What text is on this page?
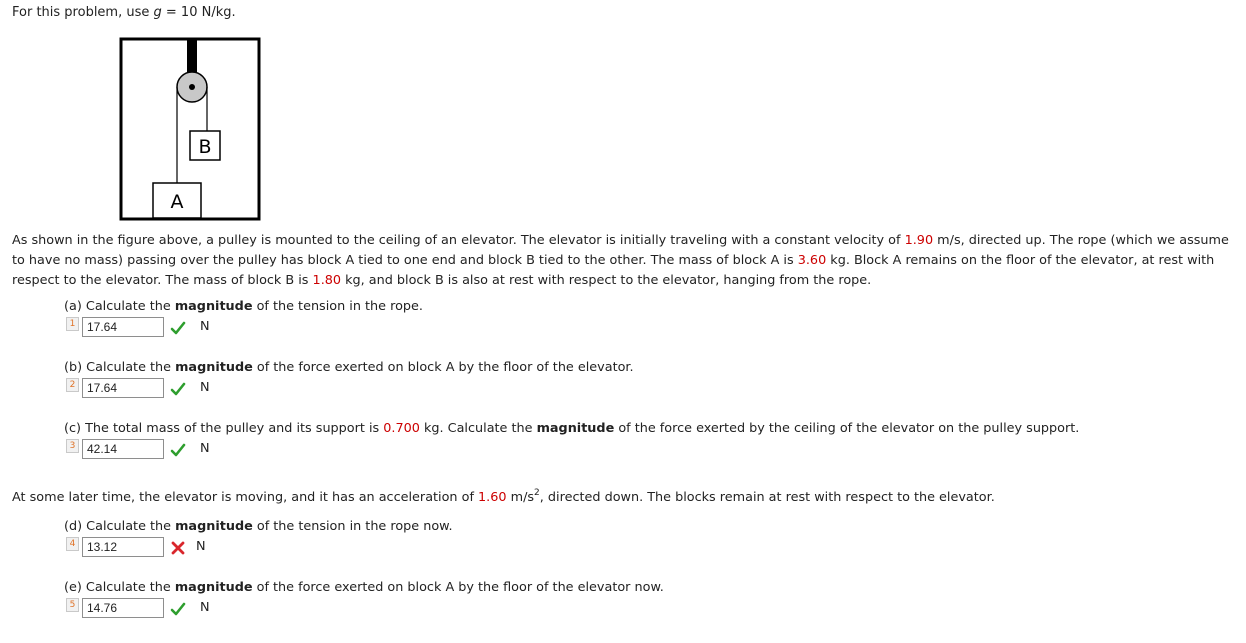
For this problem, use g = 10 N/kg.
B
A
As shown in the figure above, a pulley is mounted to the ceiling of an elevator. The elevator is initially traveling with a constant velocity of 1.90 m/s, directed up. The rope (which we assume to have no mass) passing over the pulley has block A tied to one end and block B tied to the other. The mass of block A is 3.60 kg. Block A remains on the floor of the elevator, at rest with respect to the elevator. The mass of block B is 1.80 kg, and block B is also at rest with respect to the elevator, hanging from the rope.
(a) Calculate the magnitude of the tension in the rope.
1 17.64	N
(b) Calculate the magnitude of the force exerted on block A by the floor of the elevator.
2 17.64	N
(c) The total mass of the pulley and its support is 0.700 kg. Calculate the magnitude of the force exerted by the ceiling of the elevator on the pulley support.
3 42.14	N
At some later time, the elevator is moving, and it has an acceleration of 1.60 $m/s^2$, directed down. The blocks remain at rest with respect to the elevator.
(d) Calculate the magnitude of the tension in the rope now.
4 13.12	N
(e) Calculate the magnitude of the force exerted on block A by the floor of the elevator now.
5 14.76	N
